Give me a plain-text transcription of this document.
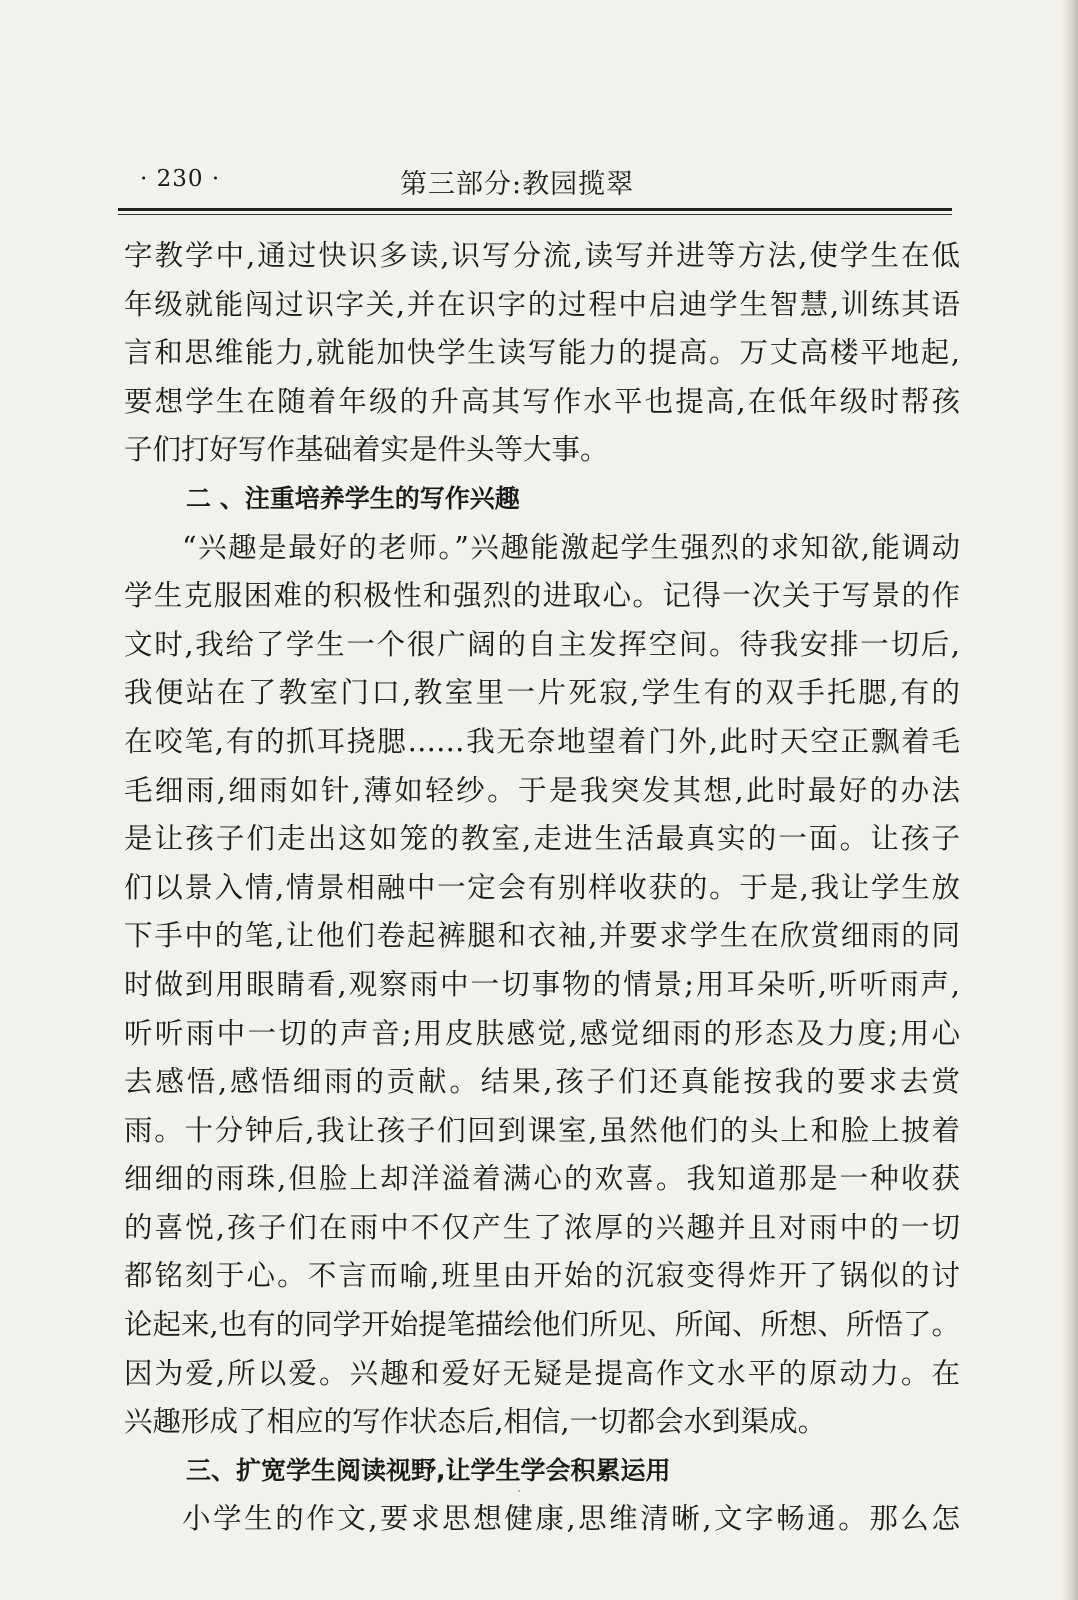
· 230 ·	第三部分:教园揽翠
字教学中,通过快识多读,识写分流,读写并进等方法,使学生在低
年级就能闯过识字关,并在识字的过程中启迪学生智慧,训练其语
言和思维能力,就能加快学生读写能力的提高。万丈高楼平地起,
要想学生在随着年级的升高其写作水平也提高,在低年级时帮孩
子们打好写作基础着实是件头等大事。
二 、注重培养学生的写作兴趣
“兴趣是最好的老师。”兴趣能激起学生强烈的求知欲,能调动
学生克服困难的积极性和强烈的进取心。记得一次关于写景的作
文时,我给了学生一个很广阔的自主发挥空间。待我安排一切后,
我便站在了教室门口,教室里一片死寂,学生有的双手托腮,有的
在咬笔,有的抓耳挠腮……我无奈地望着门外,此时天空正飘着毛
毛细雨,细雨如针,薄如轻纱。于是我突发其想,此时最好的办法
是让孩子们走出这如笼的教室,走进生活最真实的一面。让孩子
们以景入情,情景相融中一定会有别样收获的。于是,我让学生放
下手中的笔,让他们卷起裤腿和衣袖,并要求学生在欣赏细雨的同
时做到用眼睛看,观察雨中一切事物的情景;用耳朵听,听听雨声,
听听雨中一切的声音;用皮肤感觉,感觉细雨的形态及力度;用心
去感悟,感悟细雨的贡献。结果,孩子们还真能按我的要求去赏
雨。十分钟后,我让孩子们回到课室,虽然他们的头上和脸上披着
细细的雨珠,但脸上却洋溢着满心的欢喜。我知道那是一种收获
的喜悦,孩子们在雨中不仅产生了浓厚的兴趣并且对雨中的一切
都铭刻于心。不言而喻,班里由开始的沉寂变得炸开了锅似的讨
论起来,也有的同学开始提笔描绘他们所见、所闻、所想、所悟了。
因为爱,所以爱。兴趣和爱好无疑是提高作文水平的原动力。在
兴趣形成了相应的写作状态后,相信,一切都会水到渠成。
三、扩宽学生阅读视野,让学生学会积累运用
小学生的作文,要求思想健康,思维清晰,文字畅通。那么怎
